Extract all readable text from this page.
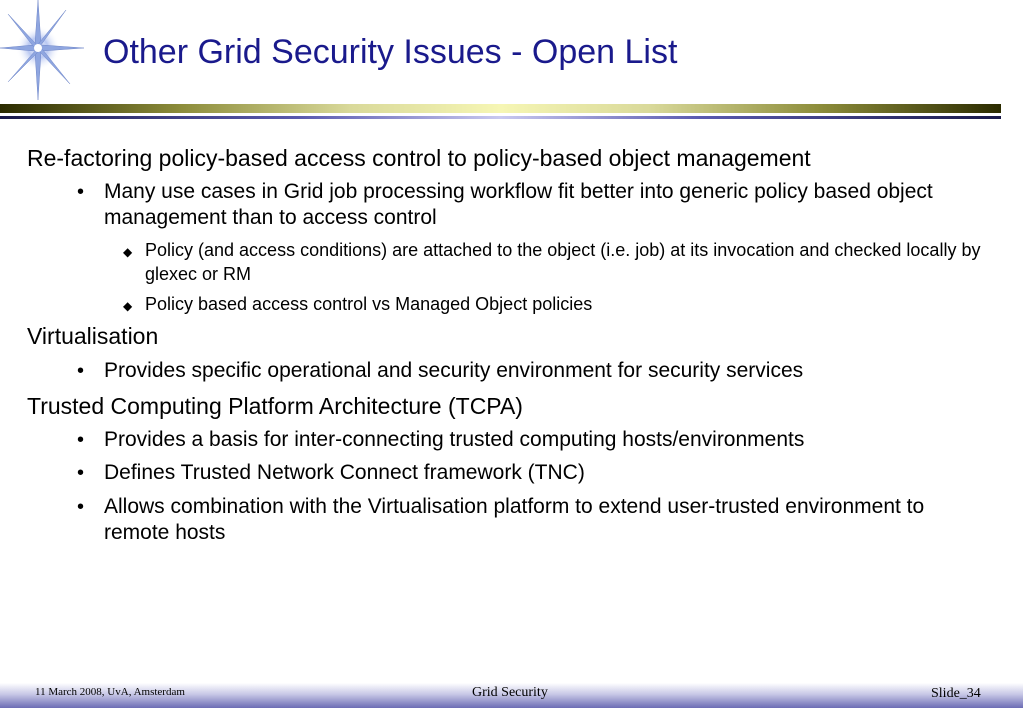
Other Grid Security Issues - Open List
Re-factoring policy-based access control to policy-based object management
• Many use cases in Grid job processing workflow fit better into generic policy based object management than to access control
◆ Policy (and access conditions) are attached to the object (i.e. job) at its invocation and checked locally by glexec or RM
◆ Policy based access control vs Managed Object policies
Virtualisation
• Provides specific operational and security environment for security services
Trusted Computing Platform Architecture (TCPA)
• Provides a basis for inter-connecting trusted computing hosts/environments
• Defines Trusted Network Connect framework (TNC)
• Allows combination with the Virtualisation platform to extend user-trusted environment to remote hosts
11 March 2008, UvA, Amsterdam	Grid Security	Slide_34
